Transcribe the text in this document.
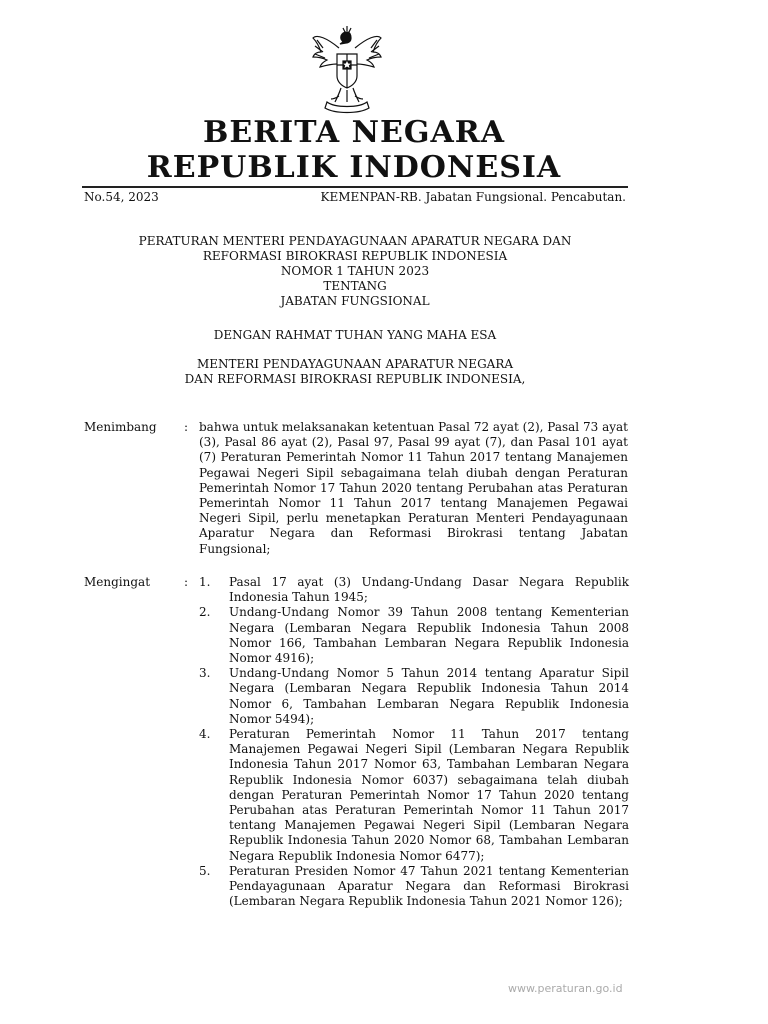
BERITA NEGARA
REPUBLIK INDONESIA
No.54, 2023	KEMENPAN-RB. Jabatan Fungsional. Pencabutan.
PERATURAN MENTERI PENDAYAGUNAAN APARATUR NEGARA DAN
REFORMASI BIROKRASI REPUBLIK INDONESIA
NOMOR 1 TAHUN 2023
TENTANG
JABATAN FUNGSIONAL
DENGAN RAHMAT TUHAN YANG MAHA ESA
MENTERI PENDAYAGUNAAN APARATUR NEGARA
DAN REFORMASI BIROKRASI REPUBLIK INDONESIA,
Menimbang : bahwa untuk melaksanakan ketentuan Pasal 72 ayat (2), Pasal 73 ayat (3), Pasal 86 ayat (2), Pasal 97, Pasal 99 ayat (7), dan Pasal 101 ayat (7) Peraturan Pemerintah Nomor 11 Tahun 2017 tentang Manajemen Pegawai Negeri Sipil sebagaimana telah diubah dengan Peraturan Pemerintah Nomor 17 Tahun 2020 tentang Perubahan atas Peraturan Pemerintah Nomor 11 Tahun 2017 tentang Manajemen Pegawai Negeri Sipil, perlu menetapkan Peraturan Menteri Pendayagunaan Aparatur Negara dan Reformasi Birokrasi tentang Jabatan Fungsional;
Mengingat	: 1.	Pasal 17 ayat (3) Undang-Undang Dasar Negara Republik Indonesia Tahun 1945;
2.	Undang-Undang Nomor 39 Tahun 2008 tentang Kementerian Negara (Lembaran Negara Republik Indonesia Tahun 2008 Nomor 166, Tambahan Lembaran Negara Republik Indonesia Nomor 4916);
3.	Undang-Undang Nomor 5 Tahun 2014 tentang Aparatur Sipil Negara (Lembaran Negara Republik Indonesia Tahun 2014 Nomor 6, Tambahan Lembaran Negara Republik Indonesia Nomor 5494);
4.	Peraturan Pemerintah Nomor 11 Tahun 2017 tentang Manajemen Pegawai Negeri Sipil (Lembaran Negara Republik Indonesia Tahun 2017 Nomor 63, Tambahan Lembaran Negara Republik Indonesia Nomor 6037) sebagaimana telah diubah dengan Peraturan Pemerintah Nomor 17 Tahun 2020 tentang Perubahan atas Peraturan Pemerintah Nomor 11 Tahun 2017 tentang Manajemen Pegawai Negeri Sipil (Lembaran Negara Republik Indonesia Tahun 2020 Nomor 68, Tambahan Lembaran Negara Republik Indonesia Nomor 6477);
5.	Peraturan Presiden Nomor 47 Tahun 2021 tentang Kementerian Pendayagunaan Aparatur Negara dan Reformasi Birokrasi (Lembaran Negara Republik Indonesia Tahun 2021 Nomor 126);
www.peraturan.go.id
